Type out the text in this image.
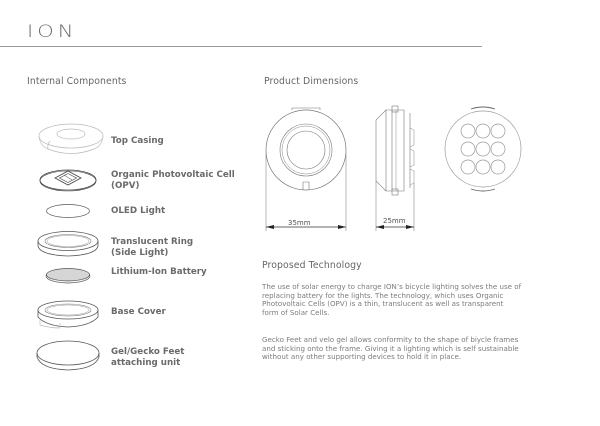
ION
Internal Components
Top Casing
Organic Photovoltaic Cell
(OPV)
OLED Light
Translucent Ring
(Side Light)
Lithium-Ion Battery
Base Cover
Gel/Gecko Feet
attaching unit
Product Dimensions
35mm	25mm
Proposed Technology

The use of solar energy to charge ION’s bicycle lighting solves the use of

replacing battery for the lights. The technology, which uses Organic

Photovoltaic Cells (OPV) is a thin, translucent as well as transparent

form of Solar Cells.

Gecko Feet and velo gel allows conformity to the shape of biycle frames

and sticking onto the frame. Giving it a lighting which is self sustainable

without any other supporting devices to hold it in place.
